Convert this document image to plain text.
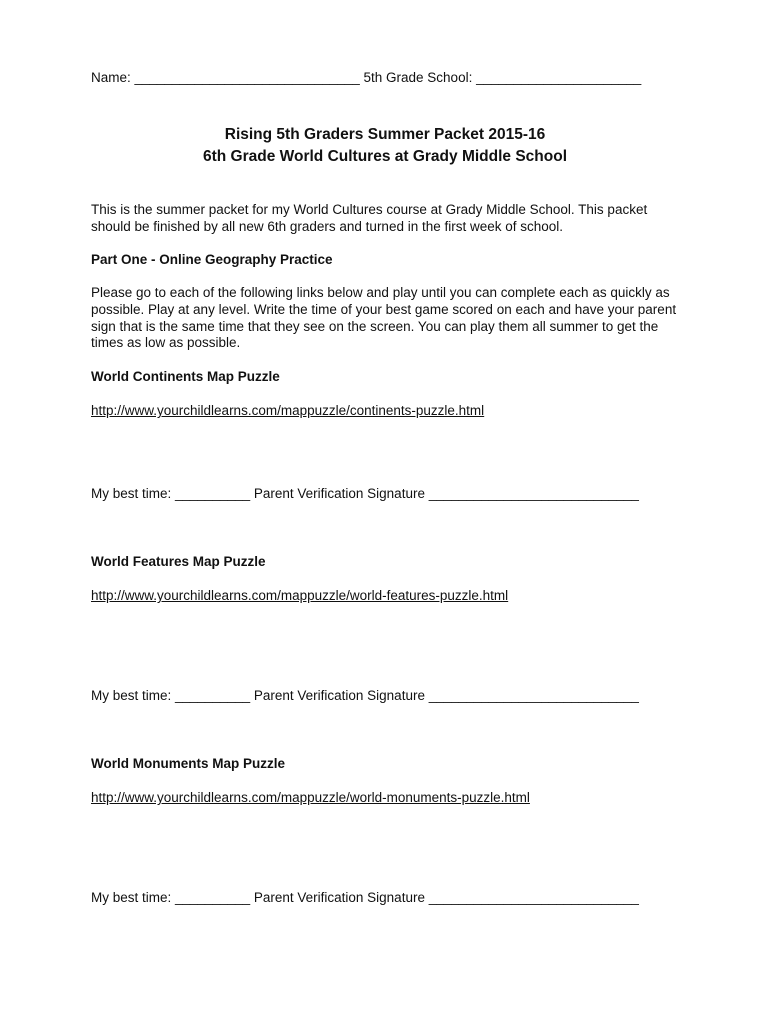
Name: ______________________________ 5th Grade School: ______________________
Rising 5th Graders Summer Packet 2015-16
6th Grade World Cultures at Grady Middle School
This is the summer packet for my World Cultures course at Grady Middle School. This packet should be finished by all new 6th graders and turned in the first week of school.
Part One - Online Geography Practice
Please go to each of the following links below and play until you can complete each as quickly as possible. Play at any level. Write the time of your best game scored on each and have your parent sign that is the same time that they see on the screen. You can play them all summer to get the times as low as possible.
World Continents Map Puzzle
http://www.yourchildlearns.com/mappuzzle/continents-puzzle.html
My best time: __________ Parent Verification Signature ____________________________
World Features Map Puzzle
http://www.yourchildlearns.com/mappuzzle/world-features-puzzle.html
My best time: __________ Parent Verification Signature ____________________________
World Monuments Map Puzzle
http://www.yourchildlearns.com/mappuzzle/world-monuments-puzzle.html
My best time: __________ Parent Verification Signature ____________________________
